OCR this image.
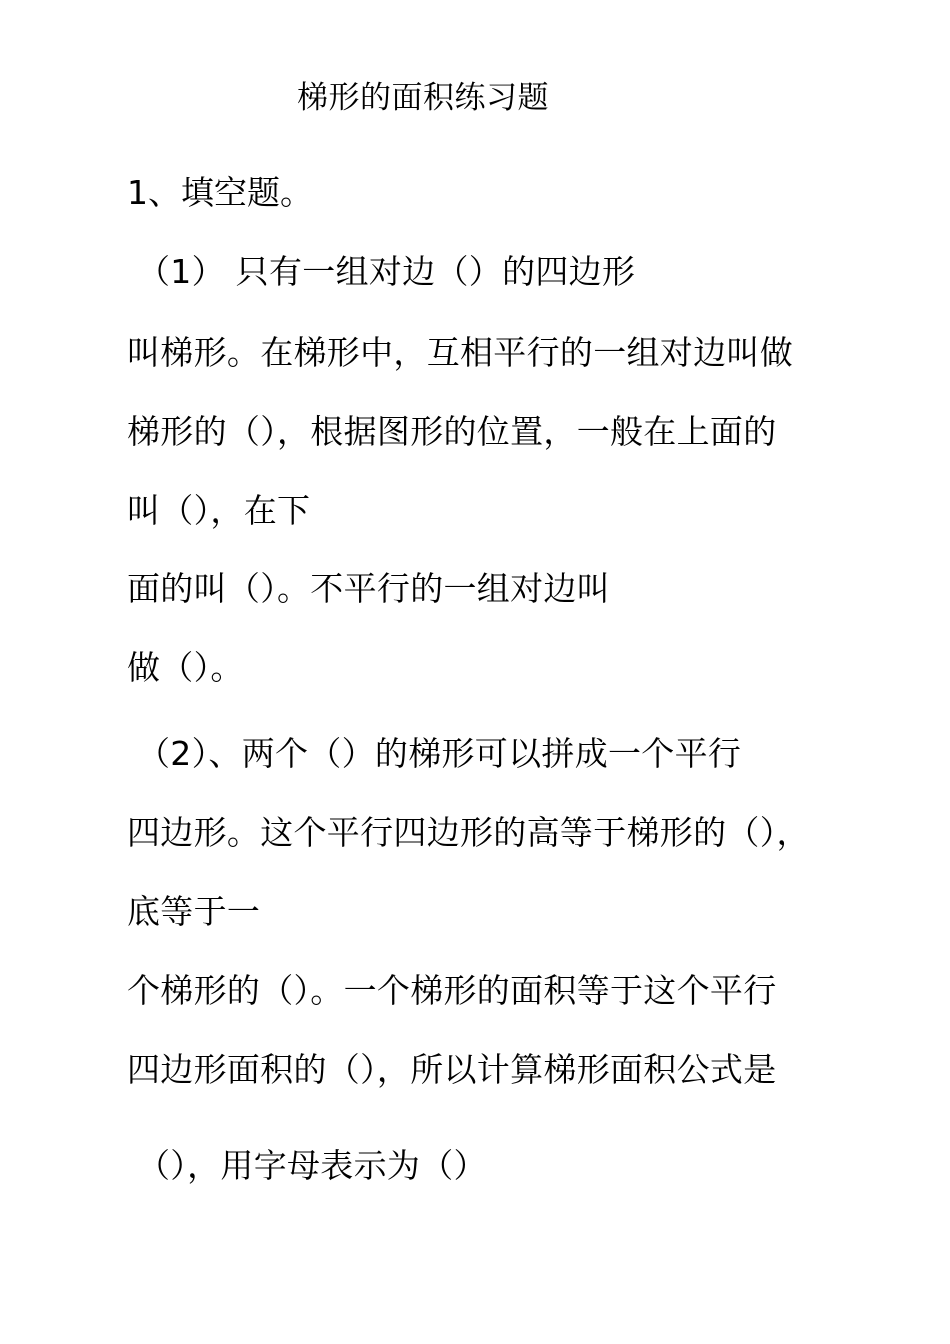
梯形的面积练习题
1、填空题。
（1） 只有一组对边（）的四边形
叫梯形。在梯形中，互相平行的一组对边叫做
梯形的（），根据图形的位置，一般在上面的
叫（），在下
面的叫（）。不平行的一组对边叫
做（）。
（2）、两个（）的梯形可以拼成一个平行
四边形。这个平行四边形的高等于梯形的（），
底等于一
个梯形的（）。一个梯形的面积等于这个平行
四边形面积的（），所以计算梯形面积公式是
（），用字母表示为（）
